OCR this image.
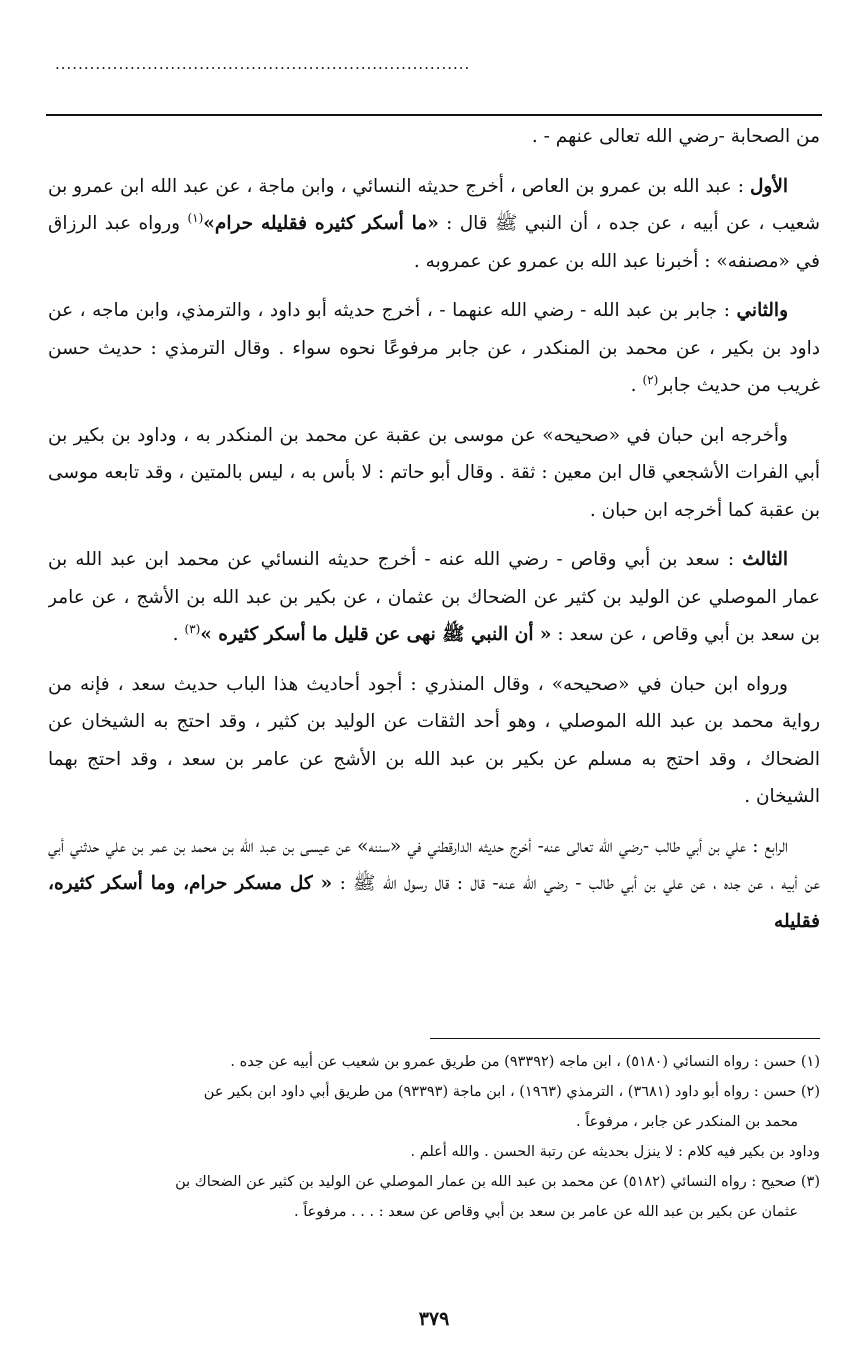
........................................................................

من الصحابة -رضي الله تعالى عنهم - .

الأول : عبد الله بن عمرو بن العاص ، أخرج حديثه النسائي ، وابن ماجة ، عن عبد الله ابن عمرو بن شعيب ، عن أبيه ، عن جده ، أن النبي ﷺ قال : «ما أسكر كثيره فقليله حرام»$^{(١)}$ ورواه عبد الرزاق في «مصنفه» : أخبرنا عبد الله بن عمرو عن عمروبه .

والثاني : جابر بن عبد الله - رضي الله عنهما - ، أخرج حديثه أبو داود ، والترمذي، وابن ماجه ، عن داود بن بكير ، عن محمد بن المنكدر ، عن جابر مرفوعًا نحوه سواء . وقال الترمذي : حديث حسن غريب من حديث جابر$^{(٢)}$ .

وأخرجه ابن حبان في «صحيحه» عن موسى بن عقبة عن محمد بن المنكدر به ، وداود بن بكير بن أبي الفرات الأشجعي قال ابن معين : ثقة . وقال أبو حاتم : لا بأس به ، ليس بالمتين ، وقد تابعه موسى بن عقبة كما أخرجه ابن حبان .

الثالث : سعد بن أبي وقاص - رضي الله عنه - أخرج حديثه النسائي عن محمد ابن عبد الله بن عمار الموصلي عن الوليد بن كثير عن الضحاك بن عثمان ، عن بكير بن عبد الله بن الأشج ، عن عامر بن سعد بن أبي وقاص ، عن سعد : « أن النبي ﷺ نهى عن قليل ما أسكر كثيره »$^{(٣)}$ .

ورواه ابن حبان في «صحيحه» ، وقال المنذري : أجود أحاديث هذا الباب حديث سعد ، فإنه من رواية محمد بن عبد الله الموصلي ، وهو أحد الثقات عن الوليد بن كثير ، وقد احتج به الشيخان عن الضحاك ، وقد احتج به مسلم عن بكير بن عبد الله بن الأشج عن عامر بن سعد ، وقد احتج بهما الشيخان .

الرابع : علي بن أبي طالب -رضي الله تعالى عنه- أخرج حديثه الدارقطني في «سننه» عن عيسى بن عبد الله بن محمد بن عمر بن علي حدثني أبي عن أبيه ، عن جده ، عن علي بن أبي طالب - رضي الله عنه- قال : قال رسول الله ﷺ : « كل مسكر حرام، وما أسكر كثيره، فقليله

(١) حسن : رواه النسائي (٥١٨٠) ، ابن ماجه (٩٣٣٩٢) من طريق عمرو بن شعيب عن أبيه عن جده .
(٢) حسن : رواه أبو داود (٣٦٨١) ، الترمذي (١٩٦٣) ، ابن ماجة (٩٣٣٩٣) من طريق أبي داود ابن بكير عن
محمد بن المنكدر عن جابر ، مرفوعاً .
وداود بن بكير فيه كلام : لا ينزل بحديثه عن رتبة الحسن . والله أعلم .
(٣) صحيح : رواه النسائي (٥١٨٢) عن محمد بن عبد الله بن عمار الموصلي عن الوليد بن كثير عن الضحاك بن
عثمان عن بكير بن عبد الله عن عامر بن سعد بن أبي وقاص عن سعد : . . . مرفوعاً .
٣٧٩
